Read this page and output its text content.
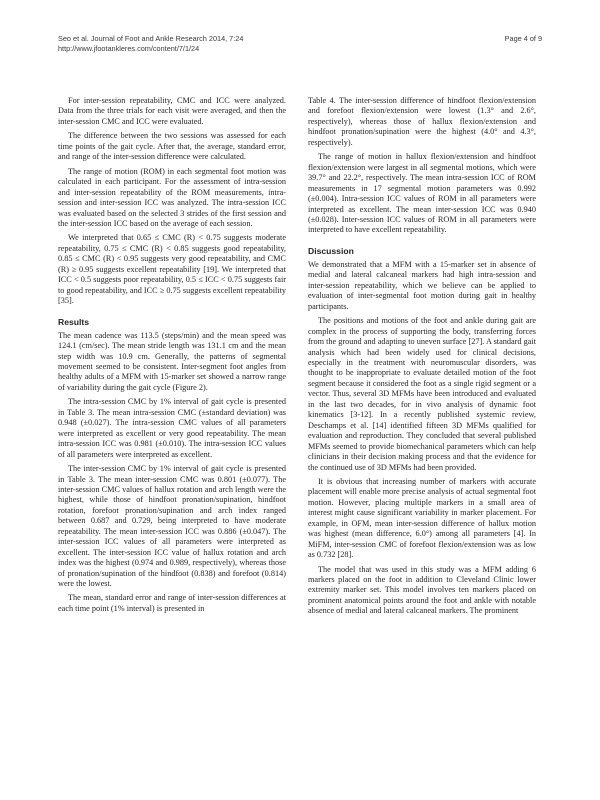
Seo et al. Journal of Foot and Ankle Research 2014, 7:24
http://www.jfootankleres.com/content/7/1/24
Page 4 of 9

For inter-session repeatability, CMC and ICC were analyzed. Data from the three trials for each visit were averaged, and then the inter-session CMC and ICC were evaluated.

The difference between the two sessions was assessed for each time points of the gait cycle. After that, the average, standard error, and range of the inter-session difference were calculated.

The range of motion (ROM) in each segmental foot motion was calculated in each participant. For the assessment of intra-session and inter-session repeatability of the ROM measurements, intra-session and inter-session ICC was analyzed. The intra-session ICC was evaluated based on the selected 3 strides of the first session and the inter-session ICC based on the average of each session.

We interpreted that 0.65 ≤ CMC (R) < 0.75 suggests moderate repeatability, 0.75 ≤ CMC (R) < 0.85 suggests good repeatability, 0.85 ≤ CMC (R) < 0.95 suggests very good repeatability, and CMC (R) ≥ 0.95 suggests excellent repeatability [19]. We interpreted that ICC < 0.5 suggests poor repeatability, 0.5 ≤ ICC < 0.75 suggests fair to good repeatability, and ICC ≥ 0.75 suggests excellent repeatability [35].

Results

The mean cadence was 113.5 (steps/min) and the mean speed was 124.1 (cm/sec). The mean stride length was 131.1 cm and the mean step width was 10.9 cm. Generally, the patterns of segmental movement seemed to be consistent. Inter-segment foot angles from healthy adults of a MFM with 15-marker set showed a narrow range of variability during the gait cycle (Figure 2).

The intra-session CMC by 1% interval of gait cycle is presented in Table 3. The mean intra-session CMC (±standard deviation) was 0.948 (±0.027). The intra-session CMC values of all parameters were interpreted as excellent or very good repeatability. The mean intra-session ICC was 0.981 (±0.010). The intra-session ICC values of all parameters were interpreted as excellent.

The inter-session CMC by 1% interval of gait cycle is presented in Table 3. The mean inter-session CMC was 0.801 (±0.077). The inter-session CMC values of hallux rotation and arch length were the highest, while those of hindfoot pronation/supination, hindfoot rotation, forefoot pronation/supination and arch index ranged between 0.687 and 0.729, being interpreted to have moderate repeatability. The mean inter-session ICC was 0.886 (±0.047). The inter-session ICC values of all parameters were interpreted as excellent. The inter-session ICC value of hallux rotation and arch index was the highest (0.974 and 0.989, respectively), whereas those of pronation/supination of the hindfoot (0.838) and forefoot (0.814) were the lowest.

The mean, standard error and range of inter-session differences at each time point (1% interval) is presented in

Table 4. The inter-session difference of hindfoot flexion/extension and forefoot flexion/extension were lowest (1.3° and 2.6°, respectively), whereas those of hallux flexion/extension and hindfoot pronation/supination were the highest (4.0° and 4.3°, respectively).

The range of motion in hallux flexion/extension and hindfoot flexion/extension were largest in all segmental motions, which were 39.7° and 22.2°, respectively. The mean intra-session ICC of ROM measurements in 17 segmental motion parameters was 0.992 (±0.004). Intra-session ICC values of ROM in all parameters were interpreted as excellent. The mean inter-session ICC was 0.940 (±0.028). Inter-session ICC values of ROM in all parameters were interpreted to have excellent repeatability.

Discussion

We demonstrated that a MFM with a 15-marker set in absence of medial and lateral calcaneal markers had high intra-session and inter-session repeatability, which we believe can be applied to evaluation of inter-segmental foot motion during gait in healthy participants.

The positions and motions of the foot and ankle during gait are complex in the process of supporting the body, transferring forces from the ground and adapting to uneven surface [27]. A standard gait analysis which had been widely used for clinical decisions, especially in the treatment with neuromuscular disorders, was thought to be inappropriate to evaluate detailed motion of the foot segment because it considered the foot as a single rigid segment or a vector. Thus, several 3D MFMs have been introduced and evaluated in the last two decades, for in vivo analysis of dynamic foot kinematics [3-12]. In a recently published systemic review, Deschamps et al. [14] identified fifteen 3D MFMs qualified for evaluation and reproduction. They concluded that several published MFMs seemed to provide biomechanical parameters which can help clinicians in their decision making process and that the evidence for the continued use of 3D MFMs had been provided.

It is obvious that increasing number of markers with accurate placement will enable more precise analysis of actual segmental foot motion. However, placing multiple markers in a small area of interest might cause significant variability in marker placement. For example, in OFM, mean inter-session difference of hallux motion was highest (mean difference, 6.0°) among all parameters [4]. In MiFM, inter-session CMC of forefoot flexion/extension was as low as 0.732 [28].

The model that was used in this study was a MFM adding 6 markers placed on the foot in addition to Cleveland Clinic lower extremity marker set. This model involves ten markers placed on prominent anatomical points around the foot and ankle with notable absence of medial and lateral calcaneal markers. The prominent
